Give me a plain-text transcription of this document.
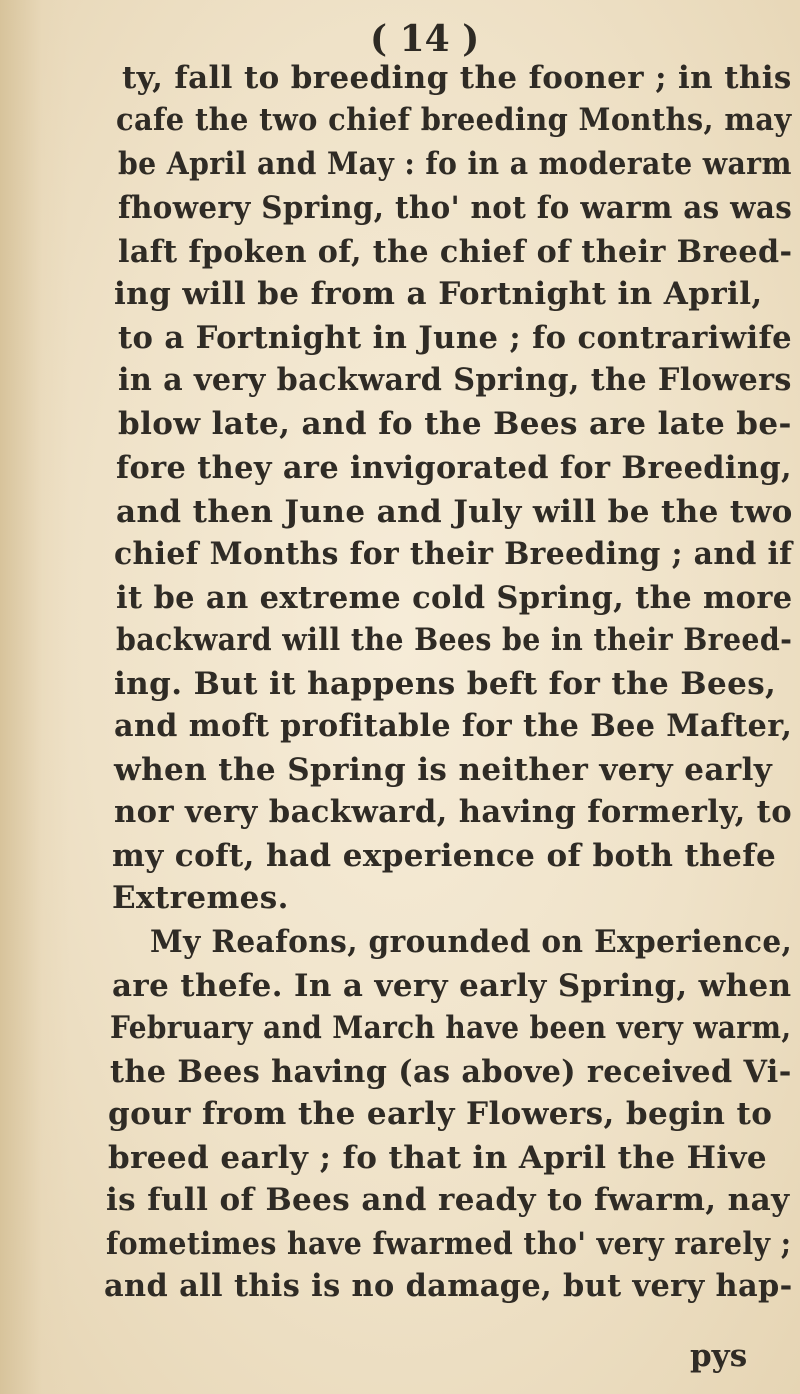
( 14 )
ty, fall to breeding the fooner ; in this
cafe the two chief breeding Months, may
be April and May : fo in a moderate warm
fhowery Spring, tho' not fo warm as was
laft fpoken of, the chief of their Breed-
ing will be from a Fortnight in April,
to a Fortnight in June ; fo contrariwife
in a very backward Spring, the Flowers
blow late, and fo the Bees are late be-
fore they are invigorated for Breeding,
and then June and July will be the two
chief Months for their Breeding ; and if
it be an extreme cold Spring, the more
backward will the Bees be in their Breed-
ing. But it happens beft for the Bees,
and moft profitable for the Bee Mafter,
when the Spring is neither very early
nor very backward, having formerly, to
my coft, had experience of both thefe
Extremes.
My Reafons, grounded on Experience,
are thefe. In a very early Spring, when
February and March have been very warm,
the Bees having (as above) received Vi-
gour from the early Flowers, begin to
breed early ; fo that in April the Hive
is full of Bees and ready to fwarm, nay
fometimes have fwarmed tho' very rarely ;
and all this is no damage, but very hap-
pys
